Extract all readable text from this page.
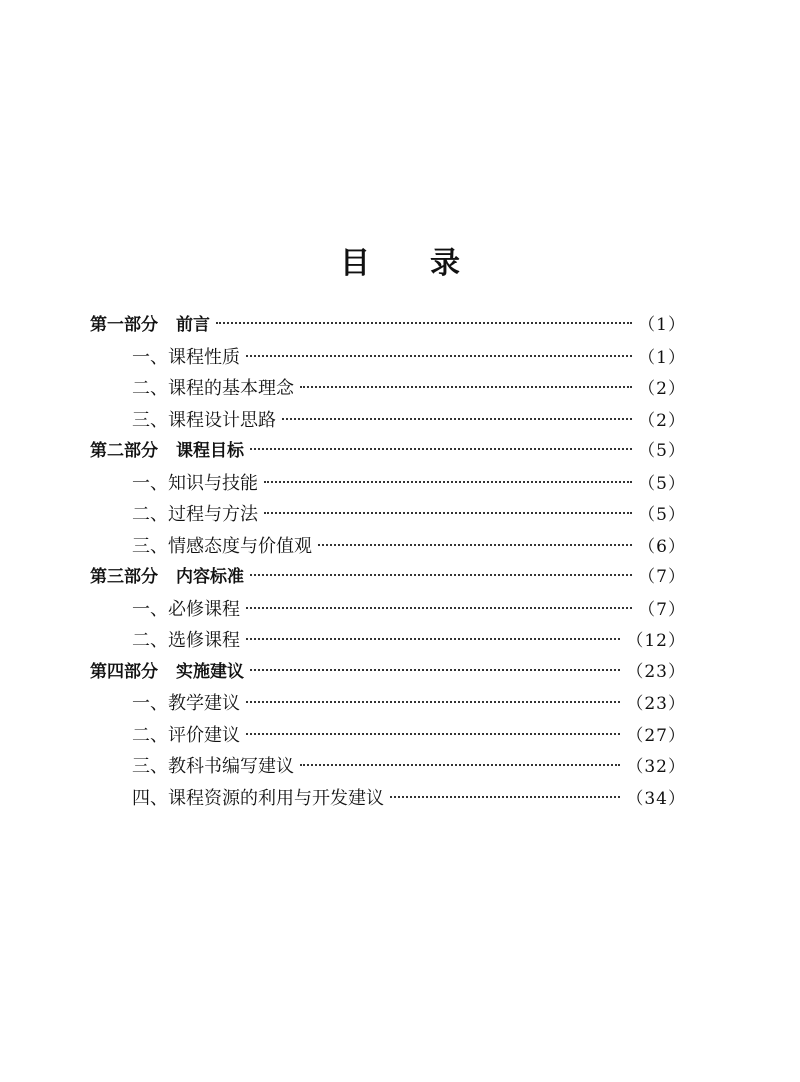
目 录
第一部分 前言	（1）
一、课程性质	（1）
二、课程的基本理念	（2）
三、课程设计思路	（2）
第二部分 课程目标	（5）
一、知识与技能	（5）
二、过程与方法	（5）
三、情感态度与价值观	（6）
第三部分 内容标准	（7）
一、必修课程	（7）
二、选修课程	（12）
第四部分 实施建议	（23）
一、教学建议	（23）
二、评价建议	（27）
三、教科书编写建议	（32）
四、课程资源的利用与开发建议	（34）
